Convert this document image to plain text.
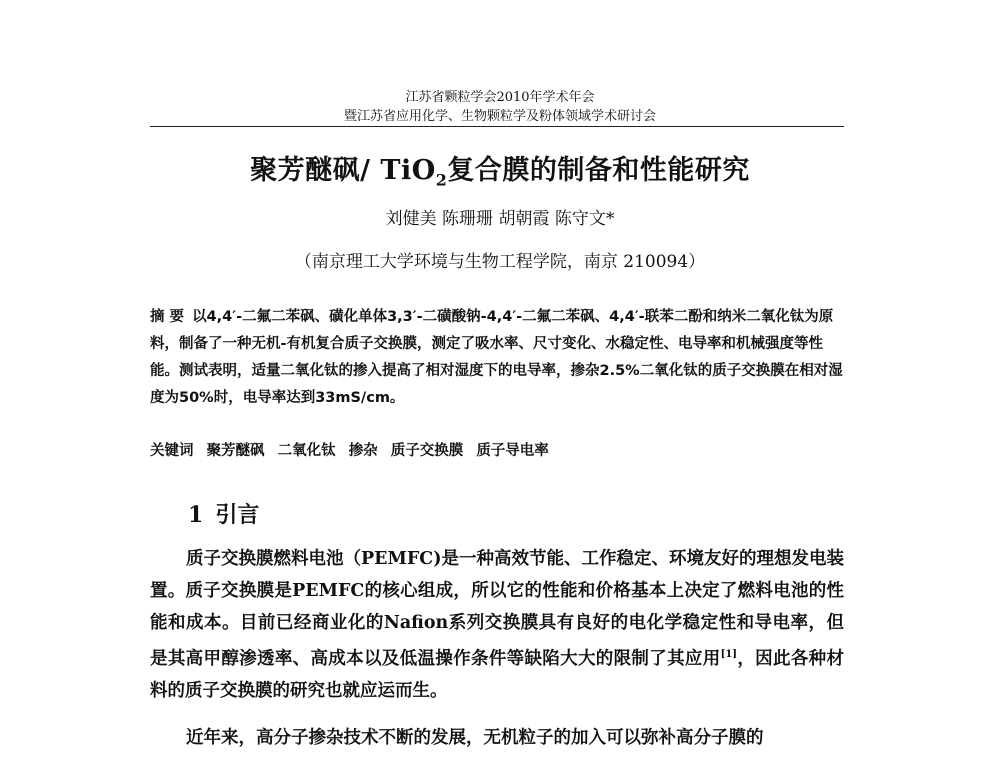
江苏省颗粒学会2010年学术年会
暨江苏省应用化学、生物颗粒学及粉体领域学术研讨会
聚芳醚砜/ TiO$_2$复合膜的制备和性能研究
刘健美 陈珊珊 胡朝霞 陈守文*
（南京理工大学环境与生物工程学院，南京 210094）
摘 要 以4,4′-二氟二苯砜、磺化单体3,3′-二磺酸钠-4,4′-二氟二苯砜、4,4′-联苯二酚和纳米二氧化钛为原料，制备了一种无机-有机复合质子交换膜，测定了吸水率、尺寸变化、水稳定性、电导率和机械强度等性能。测试表明，适量二氧化钛的掺入提高了相对湿度下的电导率，掺杂2.5%二氧化钛的质子交换膜在相对湿度为50%时，电导率达到33mS/cm。
关键词 聚芳醚砜 二氧化钛 掺杂 质子交换膜 质子导电率
1 引言
质子交换膜燃料电池（PEMFC)是一种高效节能、工作稳定、环境友好的理想发电装置。质子交换膜是PEMFC的核心组成，所以它的性能和价格基本上决定了燃料电池的性能和成本。目前已经商业化的Nafion系列交换膜具有良好的电化学稳定性和导电率，但是其高甲醇渗透率、高成本以及低温操作条件等缺陷大大的限制了其应用[1]，因此各种材料的质子交换膜的研究也就应运而生。
近年来，高分子掺杂技术不断的发展，无机粒子的加入可以弥补高分子膜的
